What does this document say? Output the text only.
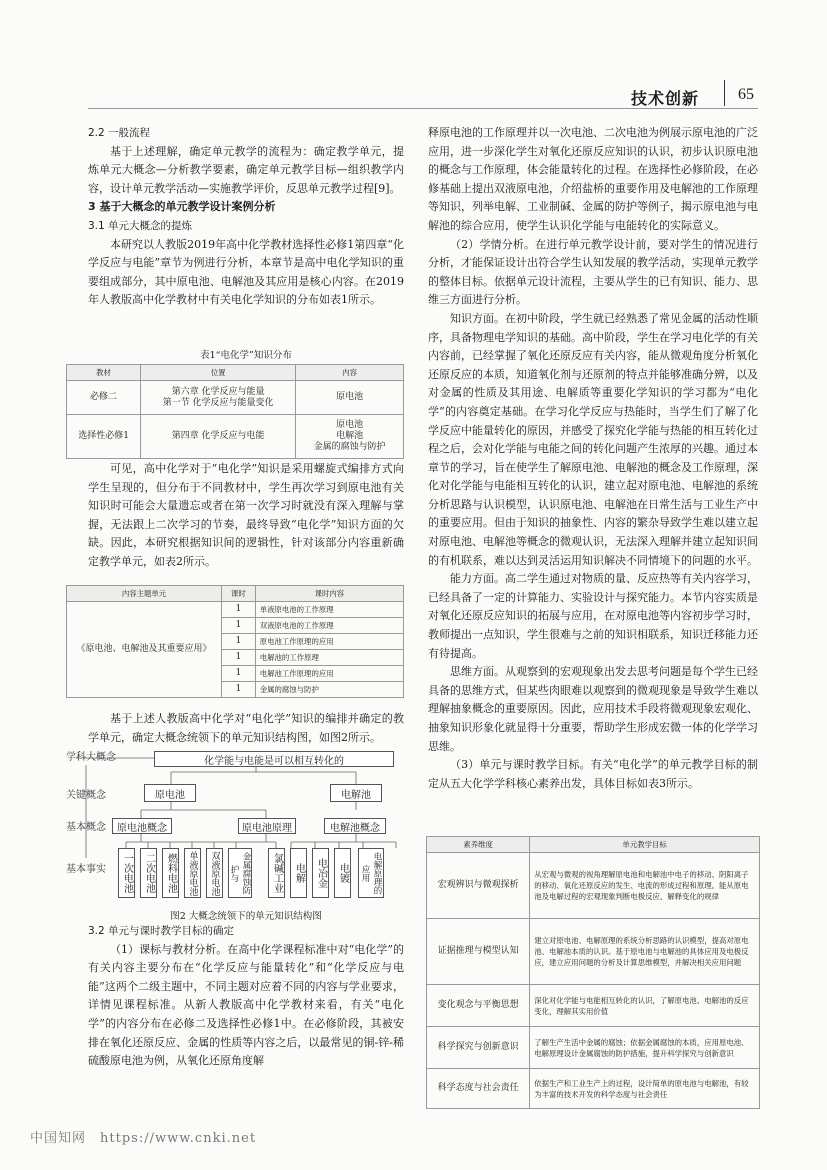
技术创新 65

2.2 一般流程

基于上述理解，确定单元教学的流程为：确定教学单元，提炼单元大概念—分析教学要素，确定单元教学目标—组织教学内容，设计单元教学活动—实施教学评价，反思单元教学过程[9]。

3 基于大概念的单元教学设计案例分析

3.1 单元大概念的提炼

本研究以人教版2019年高中化学教材选择性必修1第四章“化学反应与电能”章节为例进行分析，本章节是高中电化学知识的重要组成部分，其中原电池、电解池及其应用是核心内容。在2019年人教版高中化学教材中有关电化学知识的分布如表1所示。

表1“电化学”知识分布
教材	位置	内容
必修二	第六章 化学反应与能量
第一节 化学反应与能量变化	原电池
选择性必修1	第四章 化学反应与电能	原电池
电解池
金属的腐蚀与防护

可见，高中化学对于“电化学”知识是采用螺旋式编排方式向学生呈现的，但分布于不同教材中，学生再次学习到原电池有关知识时可能会大量遗忘或者在第一次学习时就没有深入理解与掌握，无法跟上二次学习的节奏，最终导致“电化学”知识方面的欠缺。因此，本研究根据知识间的逻辑性，针对该部分内容重新确定教学单元，如表2所示。

内容主题单元	课时	课时内容
《原电池、电解池及其重要应用》	1	单液原电池的工作原理
	1	双液原电池的工作原理
	1	原电池工作原理的应用
	1	电解池的工作原理
	1	电解池工作原理的应用
	1	金属的腐蚀与防护

基于上述人教版高中化学对“电化学”知识的编排并确定的教学单元，确定大概念统领下的单元知识结构图，如图2所示。

学科大概念
关键概念
基本概念
基本事实
化学能与电能是可以相互转化的
原电池	电解池
原电池概念	原电池原理	电解池概念
一次电池	二次电池	燃料电池	单液原电池	双液原电池	金属腐蚀防护与	氯碱工业	电解	电冶金	电镀	电解原理的应用
图2 大概念统领下的单元知识结构图

3.2 单元与课时教学目标的确定

（1）课标与教材分析。在高中化学课程标准中对“电化学”的有关内容主要分布在“化学反应与能量转化”和“化学反应与电能”这两个二级主题中，不同主题对应着不同的内容与学业要求，详情见课程标准。从新人教版高中化学教材来看，有关“电化学”的内容分布在必修二及选择性必修1中。在必修阶段，其被安排在氧化还原反应、金属的性质等内容之后，以最常见的铜-锌-稀硫酸原电池为例，从氧化还原角度解

释原电池的工作原理并以一次电池、二次电池为例展示原电池的广泛应用，进一步深化学生对氧化还原反应知识的认识，初步认识原电池的概念与工作原理，体会能量转化的过程。在选择性必修阶段，在必修基础上提出双液原电池，介绍盐桥的重要作用及电解池的工作原理等知识，列举电解、工业制碱、金属的防护等例子，揭示原电池与电解池的综合应用，使学生认识化学能与电能转化的实际意义。

（2）学情分析。在进行单元教学设计前，要对学生的情况进行分析，才能保证设计出符合学生认知发展的教学活动，实现单元教学的整体目标。依据单元设计流程，主要从学生的已有知识、能力、思维三方面进行分析。

知识方面。在初中阶段，学生就已经熟悉了常见金属的活动性顺序，具备物理电学知识的基础。高中阶段，学生在学习电化学的有关内容前，已经掌握了氧化还原反应有关内容，能从微观角度分析氧化还原反应的本质，知道氧化剂与还原剂的特点并能够准确分辨，以及对金属的性质及其用途、电解质等重要化学知识的学习都为“电化学”的内容奠定基础。在学习化学反应与热能时，当学生们了解了化学反应中能量转化的原因，并感受了探究化学能与热能的相互转化过程之后，会对化学能与电能之间的转化问题产生浓厚的兴趣。通过本章节的学习，旨在使学生了解原电池、电解池的概念及工作原理，深化对化学能与电能相互转化的认识，建立起对原电池、电解池的系统分析思路与认识模型，认识原电池、电解池在日常生活与工业生产中的重要应用。但由于知识的抽象性、内容的繁杂导致学生难以建立起对原电池、电解池等概念的微观认识，无法深入理解并建立起知识间的有机联系，难以达到灵活运用知识解决不同情境下的问题的水平。

能力方面。高二学生通过对物质的量、反应热等有关内容学习，已经具备了一定的计算能力、实验设计与探究能力。本节内容实质是对氧化还原反应知识的拓展与应用，在对原电池等内容初步学习时，教师提出一点知识，学生很难与之前的知识相联系，知识迁移能力还有待提高。

思维方面。从观察到的宏观现象出发去思考问题是每个学生已经具备的思维方式，但某些肉眼难以观察到的微观现象是导致学生难以理解抽象概念的重要原因。因此，应用技术手段将微观现象宏观化、抽象知识形象化就显得十分重要，帮助学生形成宏微一体的化学学习思维。

（3）单元与课时教学目标。有关“电化学”的单元教学目标的制定从五大化学学科核心素养出发，具体目标如表3所示。

素养维度	单元教学目标
宏观辨识与微观探析	从宏观与微观的视角理解原电池和电解池中电子的移动、阴阳离子的移动、氧化还原反应的发生、电流的形成过程和原理。能从原电池及电解过程的宏观现象判断电极反应、解释变化的规律
证据推理与模型认知	建立对原电池、电解原理的系统分析思路的认识模型，提高对原电池、电解池本质的认识。基于原电池与电解池的具体应用及电极反应，建立应用问题的分析及计算思维模型，并解决相关应用问题
变化观念与平衡思想	深化对化学能与电能相互转化的认识，了解原电池、电解池的反应变化，理解其实用价值
科学探究与创新意识	了解生产生活中金属的腐蚀；依据金属腐蚀的本质，应用原电池、电解原理设计金属腐蚀的防护措施，提升科学探究与创新意识
科学态度与社会责任	依据生产和工业生产上的过程，设计简单的原电池与电解池，有较为丰富的技术开发的科学态度与社会责任
中国知网　https://www.cnki.net
